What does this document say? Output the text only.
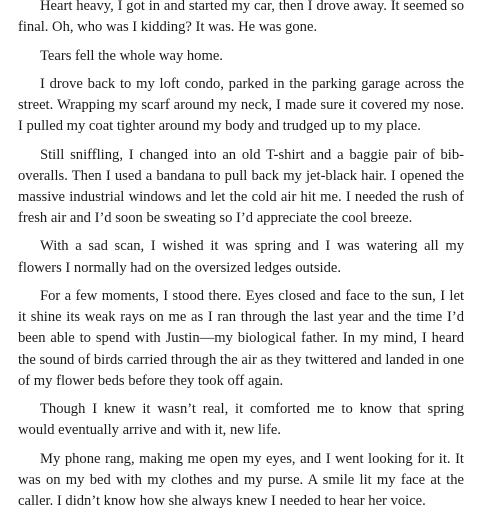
Heart heavy, I got in and started my car, then I drove away. It seemed so final. Oh, who was I kidding? It was. He was gone.

Tears fell the whole way home.

I drove back to my loft condo, parked in the parking garage across the street. Wrapping my scarf around my neck, I made sure it covered my nose. I pulled my coat tighter around my body and trudged up to my place.

Still sniffling, I changed into an old T-shirt and a baggie pair of bib-overalls. Then I used a bandana to pull back my jet-black hair. I opened the massive industrial windows and let the cold air hit me. I needed the rush of fresh air and I’d soon be sweating so I’d appreciate the cool breeze.

With a sad scan, I wished it was spring and I was watering all my flowers I normally had on the oversized ledges outside.

For a few moments, I stood there. Eyes closed and face to the sun, I let it shine its weak rays on me as I ran through the last year and the time I’d been able to spend with Justin—my biological father. In my mind, I heard the sound of birds carried through the air as they twittered and landed in one of my flower beds before they took off again.

Though I knew it wasn’t real, it comforted me to know that spring would eventually arrive and with it, new life.

My phone rang, making me open my eyes, and I went looking for it. It was on my bed with my clothes and my purse. A smile lit my face at the caller. I didn’t know how she always knew I needed to hear her voice.
